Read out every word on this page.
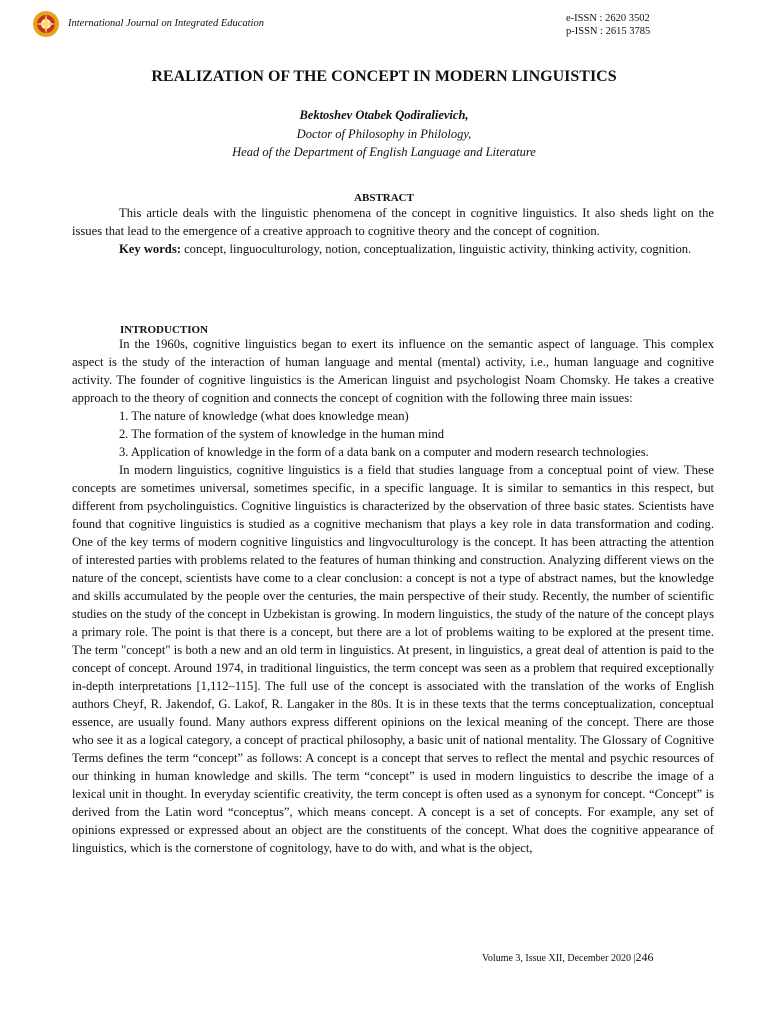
International Journal on Integrated Education	e-ISSN : 2620 3502
p-ISSN : 2615 3785
REALIZATION OF THE CONCEPT IN MODERN LINGUISTICS
Bektoshev Otabek Qodiralievich,
Doctor of Philosophy in Philology,
Head of the Department of English Language and Literature
ABSTRACT

This article deals with the linguistic phenomena of the concept in cognitive linguistics. It also sheds light on the issues that lead to the emergence of a creative approach to cognitive theory and the concept of cognition.

Key words: concept, linguoculturology, notion, conceptualization, linguistic activity, thinking activity, cognition.

INTRODUCTION

In the 1960s, cognitive linguistics began to exert its influence on the semantic aspect of language. This complex aspect is the study of the interaction of human language and mental (mental) activity, i.e., human language and cognitive activity. The founder of cognitive linguistics is the American linguist and psychologist Noam Chomsky. He takes a creative approach to the theory of cognition and connects the concept of cognition with the following three main issues:

1. The nature of knowledge (what does knowledge mean)

2. The formation of the system of knowledge in the human mind

3. Application of knowledge in the form of a data bank on a computer and modern research technologies.

In modern linguistics, cognitive linguistics is a field that studies language from a conceptual point of view. These concepts are sometimes universal, sometimes specific, in a specific language. It is similar to semantics in this respect, but different from psycholinguistics. Cognitive linguistics is characterized by the observation of three basic states. Scientists have found that cognitive linguistics is studied as a cognitive mechanism that plays a key role in data transformation and coding. One of the key terms of modern cognitive linguistics and lingvoculturology is the concept. It has been attracting the attention of interested parties with problems related to the features of human thinking and construction. Analyzing different views on the nature of the concept, scientists have come to a clear conclusion: a concept is not a type of abstract names, but the knowledge and skills accumulated by the people over the centuries, the main perspective of their study. Recently, the number of scientific studies on the study of the concept in Uzbekistan is growing. In modern linguistics, the study of the nature of the concept plays a primary role. The point is that there is a concept, but there are a lot of problems waiting to be explored at the present time. The term "concept" is both a new and an old term in linguistics. At present, in linguistics, a great deal of attention is paid to the concept of concept. Around 1974, in traditional linguistics, the term concept was seen as a problem that required exceptionally in-depth interpretations [1,112–115]. The full use of the concept is associated with the translation of the works of English authors Cheyf, R. Jakendof, G. Lakof, R. Langaker in the 80s. It is in these texts that the terms conceptualization, conceptual essence, are usually found. Many authors express different opinions on the lexical meaning of the concept. There are those who see it as a logical category, a concept of practical philosophy, a basic unit of national mentality. The Glossary of Cognitive Terms defines the term “concept” as follows: A concept is a concept that serves to reflect the mental and psychic resources of our thinking in human knowledge and skills. The term “concept” is used in modern linguistics to describe the image of a lexical unit in thought. In everyday scientific creativity, the term concept is often used as a synonym for concept. “Concept” is derived from the Latin word “conceptus”, which means concept. A concept is a set of concepts. For example, any set of opinions expressed or expressed about an object are the constituents of the concept. What does the cognitive appearance of linguistics, which is the cornerstone of cognitology, have to do with, and what is the object,

Volume 3, Issue XII, December 2020 |246
